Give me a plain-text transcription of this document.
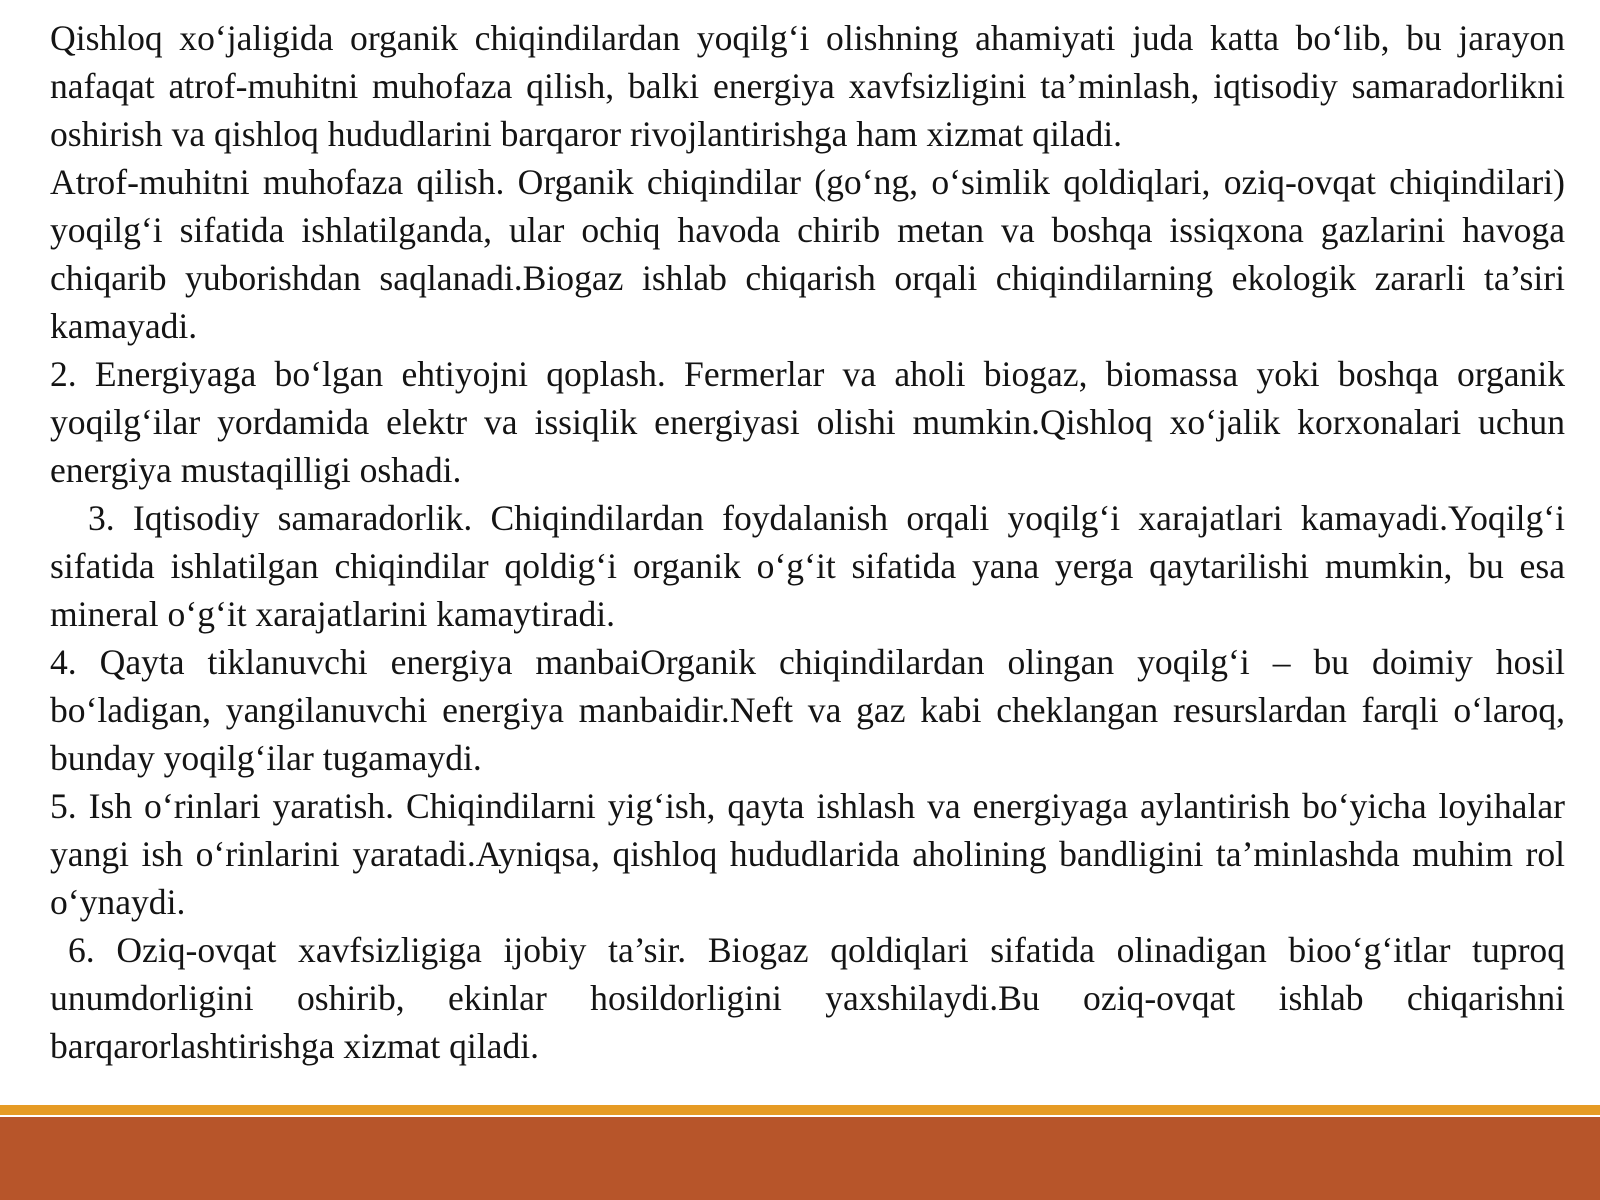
Qishloq xo‘jaligida organik chiqindilardan yoqilg‘i olishning ahamiyati juda katta bo‘lib, bu jarayon nafaqat atrof-muhitni muhofaza qilish, balki energiya xavfsizligini ta’minlash, iqtisodiy samaradorlikni oshirish va qishloq hududlarini barqaror rivojlantirishga ham xizmat qiladi.

Atrof-muhitni muhofaza qilish. Organik chiqindilar (go‘ng, o‘simlik qoldiqlari, oziq-ovqat chiqindilari) yoqilg‘i sifatida ishlatilganda, ular ochiq havoda chirib metan va boshqa issiqxona gazlarini havoga chiqarib yuborishdan saqlanadi.Biogaz ishlab chiqarish orqali chiqindilarning ekologik zararli ta’siri kamayadi.

2. Energiyaga bo‘lgan ehtiyojni qoplash. Fermerlar va aholi biogaz, biomassa yoki boshqa organik yoqilg‘ilar yordamida elektr va issiqlik energiyasi olishi mumkin.Qishloq xo‘jalik korxonalari uchun energiya mustaqilligi oshadi.

3. Iqtisodiy samaradorlik. Chiqindilardan foydalanish orqali yoqilg‘i xarajatlari kamayadi.Yoqilg‘i sifatida ishlatilgan chiqindilar qoldig‘i organik o‘g‘it sifatida yana yerga qaytarilishi mumkin, bu esa mineral o‘g‘it xarajatlarini kamaytiradi.

4. Qayta tiklanuvchi energiya manbaiOrganik chiqindilardan olingan yoqilg‘i – bu doimiy hosil bo‘ladigan, yangilanuvchi energiya manbaidir.Neft va gaz kabi cheklangan resurslardan farqli o‘laroq, bunday yoqilg‘ilar tugamaydi.

5. Ish o‘rinlari yaratish. Chiqindilarni yig‘ish, qayta ishlash va energiyaga aylantirish bo‘yicha loyihalar yangi ish o‘rinlarini yaratadi.Ayniqsa, qishloq hududlarida aholining bandligini ta’minlashda muhim rol o‘ynaydi.

6. Oziq-ovqat xavfsizligiga ijobiy ta’sir. Biogaz qoldiqlari sifatida olinadigan bioo‘g‘itlar tuproq unumdorligini oshirib, ekinlar hosildorligini yaxshilaydi.Bu oziq-ovqat ishlab chiqarishni barqarorlashtirishga xizmat qiladi.
